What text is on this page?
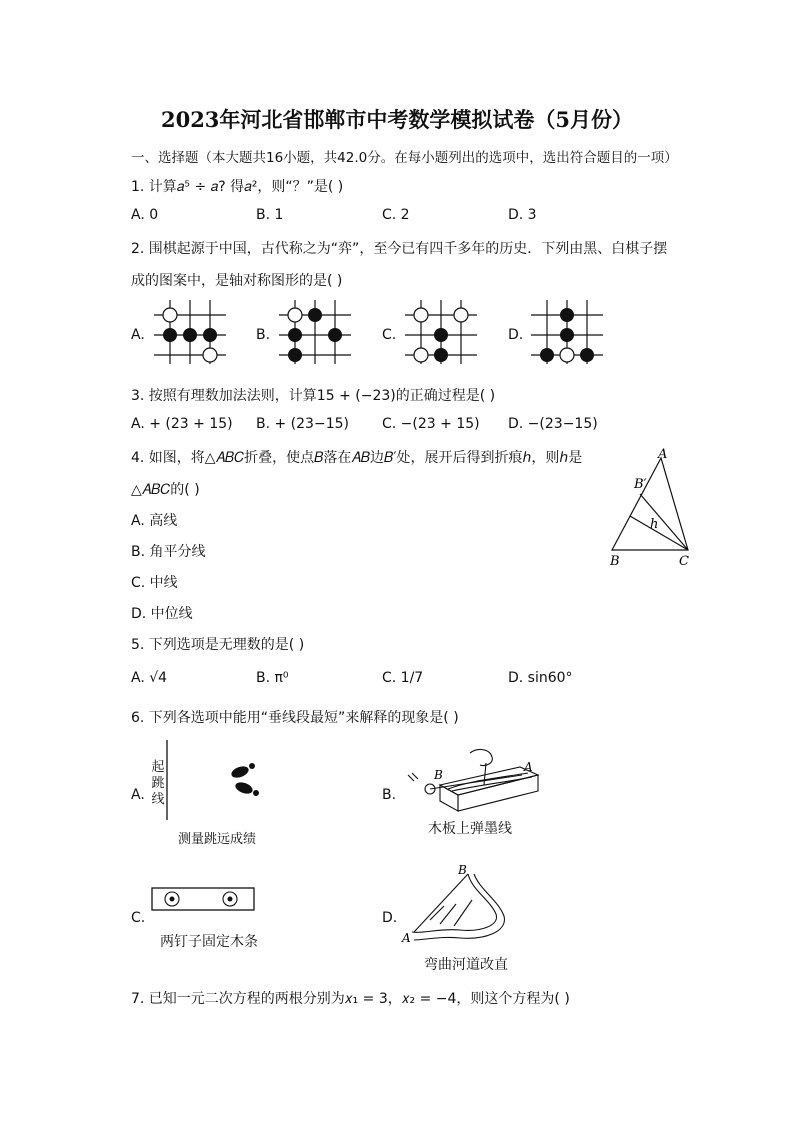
2023年河北省邯郸市中考数学模拟试卷（5月份）
一、选择题（本大题共16小题，共42.0分。在每小题列出的选项中，选出符合题目的一项）
1. 计算𝑎⁵ ÷ 𝑎? 得𝑎²，则“？”是( )
A. 0	B. 1	C. 2	D. 3
2. 围棋起源于中国，古代称之为“弈”，至今已有四千多年的历史．下列由黑、白棋子摆
成的图案中，是轴对称图形的是( )
A.	B.	C.	D.
3. 按照有理数加法法则，计算15 + (−23)的正确过程是( )
A. + (23 + 15) B. + (23−15) C. −(23 + 15) D. −(23−15)
4. 如图，将△𝐴𝐵𝐶折叠，使点𝐵落在𝐴𝐵边𝐵′处，展开后得到折痕ℎ，则ℎ是
△𝐴𝐵𝐶的( )
A. 高线
B. 角平分线
C. 中线
D. 中位线
A
B′
h
B	C
5. 下列选项是无理数的是( )
A. √4	B. π⁰	C. 1/7	D. sin60°
6. 下列各选项中能用“垂线段最短”来解释的现象是( )
A.
起
跳
线
测量跳远成绩
B.
B
A
木板上弹墨线
C.
两钉子固定木条
D.
B
A
弯曲河道改直
7. 已知一元二次方程的两根分别为𝑥₁ = 3，𝑥₂ = −4，则这个方程为( )
